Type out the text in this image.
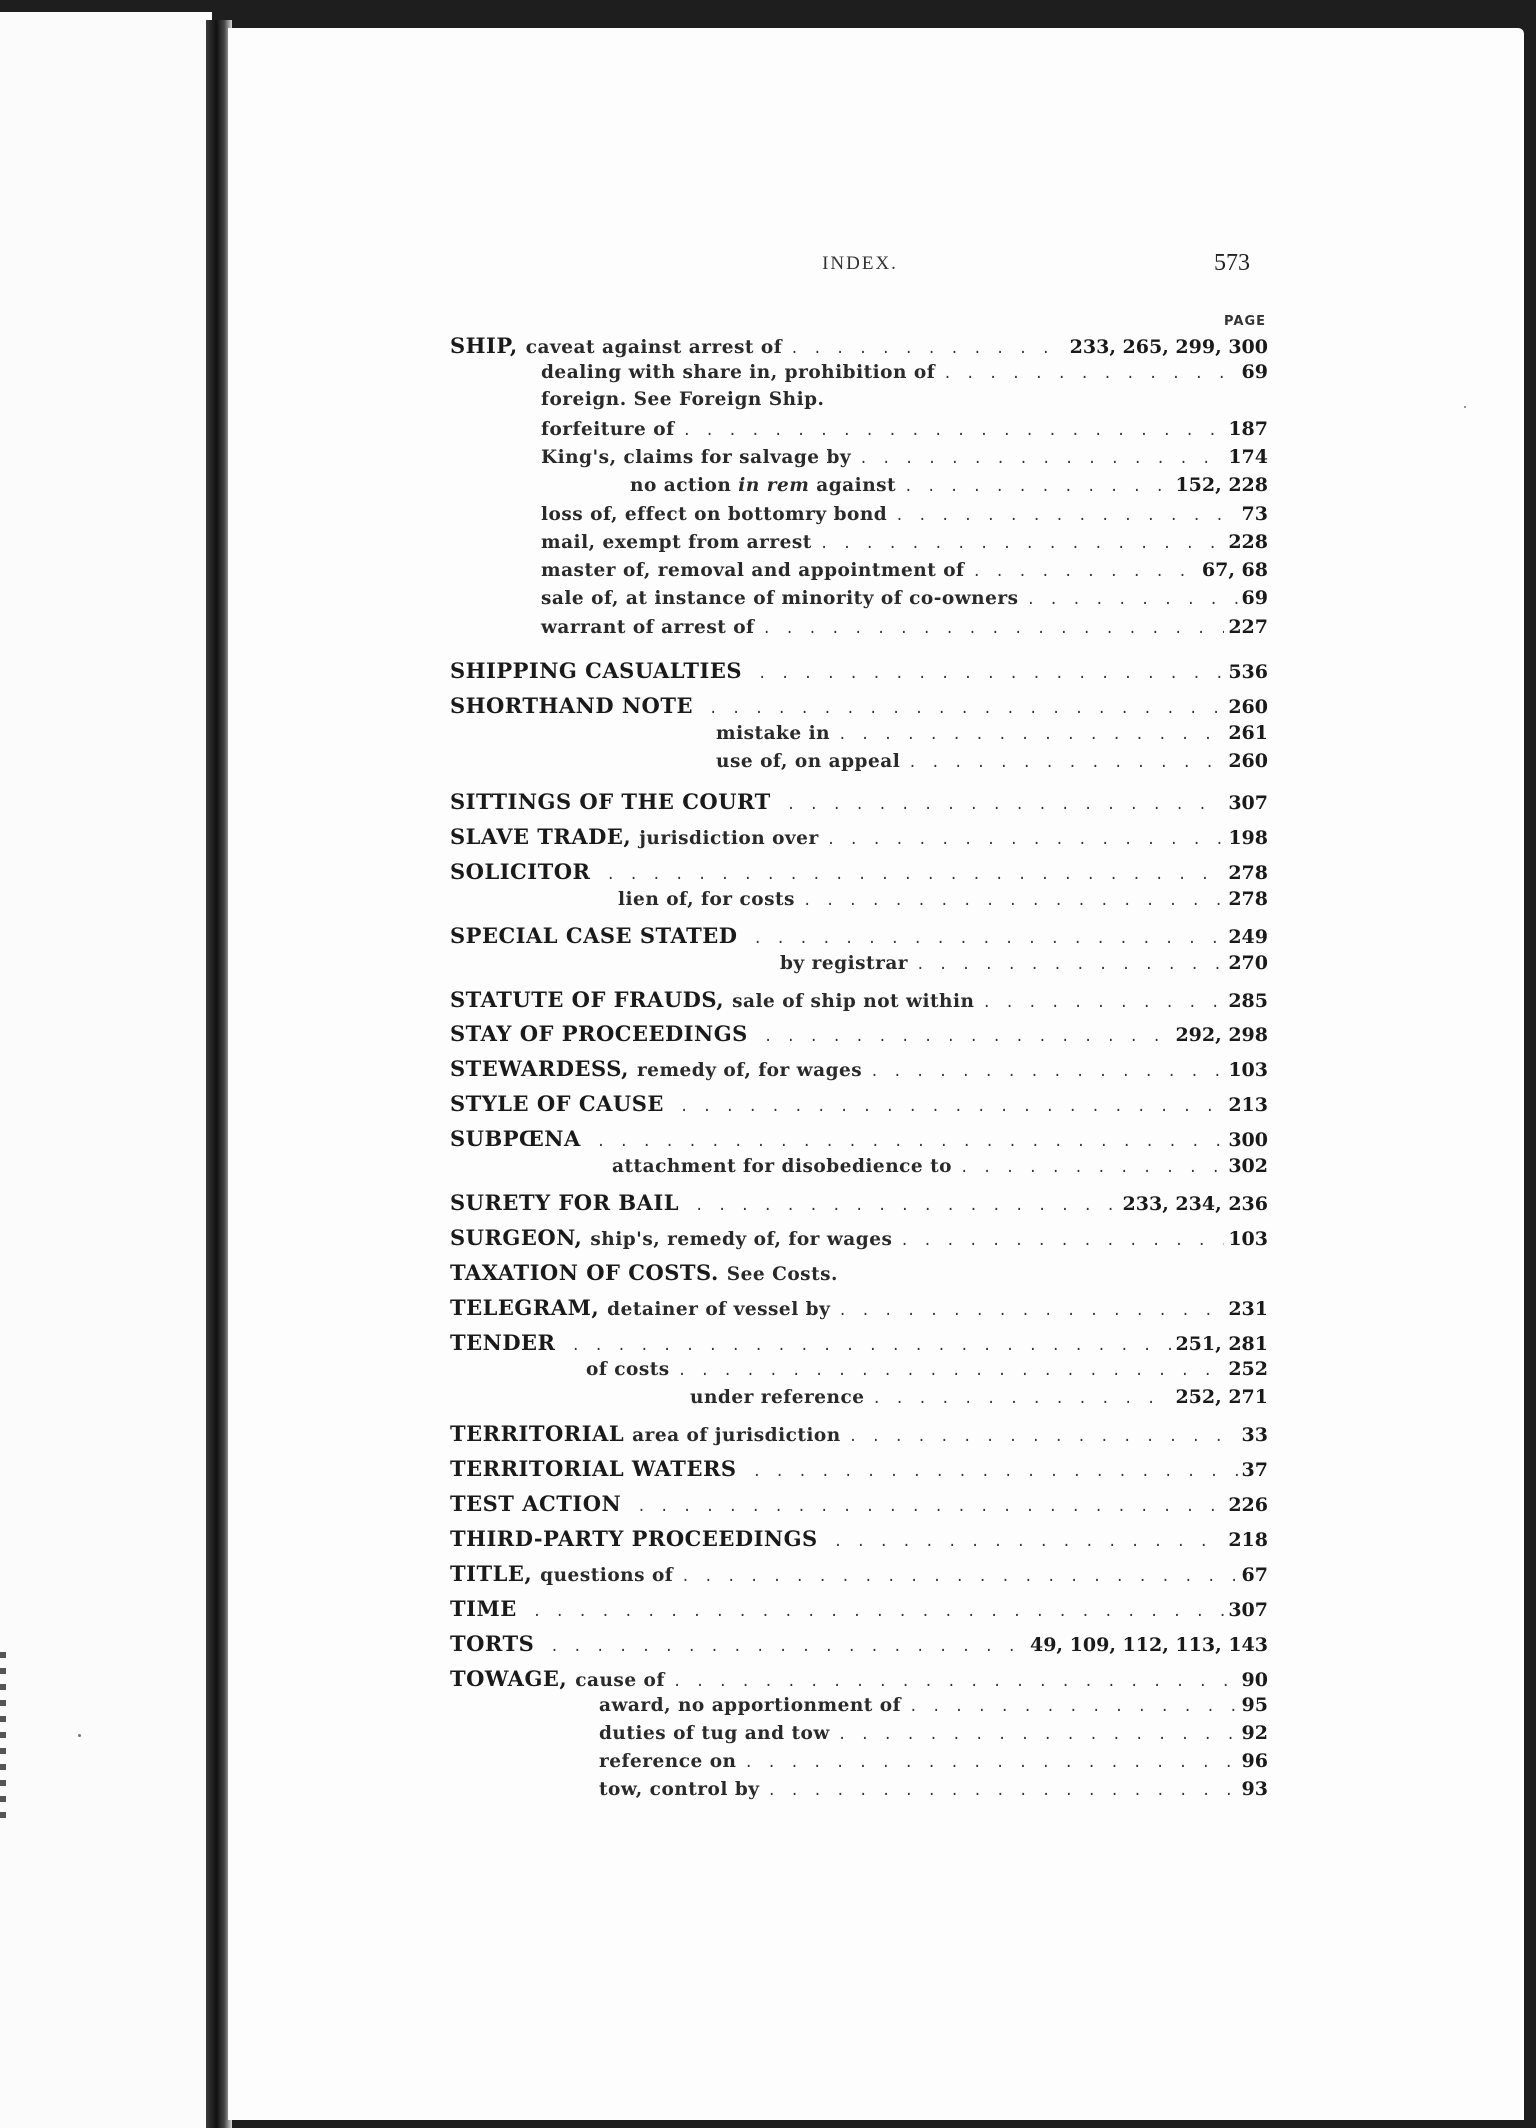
INDEX.	573
PAGE
SHIP, caveat against arrest of . . .	233, 265, 299, 300
dealing with share in, prohibition of . . .	69
foreign. See Foreign Ship.
forfeiture of . . .	187
King's, claims for salvage by . . .	174
no action in rem against . . .	152, 228
loss of, effect on bottomry bond . . .	73
mail, exempt from arrest . . .	228
master of, removal and appointment of . . .	67, 68
sale of, at instance of minority of co-owners . . .	69
warrant of arrest of . . .	227
SHIPPING CASUALTIES . . .	536
SHORTHAND NOTE . . .	260
mistake in . . .	261
use of, on appeal . . .	260
SITTINGS OF THE COURT . . .	307
SLAVE TRADE, jurisdiction over . . .	198
SOLICITOR . . .	278
lien of, for costs . . .	278
SPECIAL CASE STATED . . .	249
by registrar . . .	270
STATUTE OF FRAUDS, sale of ship not within . . .	285
STAY OF PROCEEDINGS . . .	292, 298
STEWARDESS, remedy of, for wages . . .	103
STYLE OF CAUSE . . .	213
SUBPŒNA . . .	300
attachment for disobedience to . . .	302
SURETY FOR BAIL . . .	233, 234, 236
SURGEON, ship's, remedy of, for wages . . .	103
TAXATION OF COSTS. See Costs.
TELEGRAM, detainer of vessel by . . .	231
TENDER . . .	251, 281
of costs . . .	252
under reference . . .	252, 271
TERRITORIAL area of jurisdiction . . .	33
TERRITORIAL WATERS . . .	37
TEST ACTION . . .	226
THIRD-PARTY PROCEEDINGS . . .	218
TITLE, questions of . . .	67
TIME . . .	307
TORTS . . .	49, 109, 112, 113, 143
TOWAGE, cause of . . .	90
award, no apportionment of . . .	95
duties of tug and tow . . .	92
reference on . . .	96
tow, control by . . .	93
